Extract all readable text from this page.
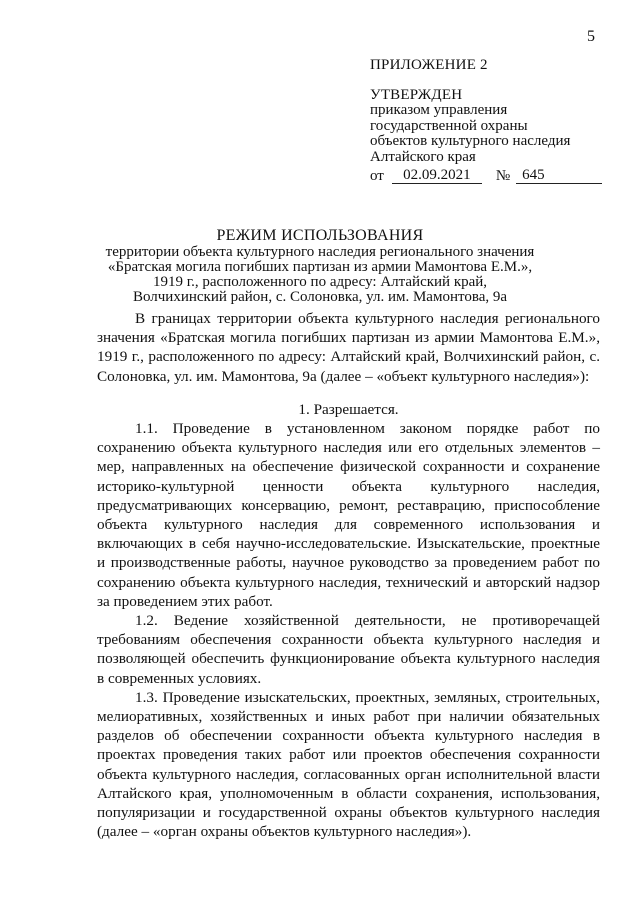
5
ПРИЛОЖЕНИЕ 2
УТВЕРЖДЕН
приказом управления
государственной охраны
объектов культурного наследия
Алтайского края
от	02.09.2021	№ 645
РЕЖИМ ИСПОЛЬЗОВАНИЯ
территории объекта культурного наследия регионального значения
«Братская могила погибших партизан из армии Мамонтова Е.М.»,
1919 г., расположенного по адресу: Алтайский край,
Волчихинский район, с. Солоновка, ул. им. Мамонтова, 9а

В границах территории объекта культурного наследия регионального значения «Братская могила погибших партизан из армии Мамонтова Е.М.», 1919 г., расположенного по адресу: Алтайский край, Волчихинский район, с. Солоновка, ул. им. Мамонтова, 9а (далее – «объект культурного наследия»):

1. Разрешается.

1.1. Проведение в установленном законом порядке работ по сохранению объекта культурного наследия или его отдельных элементов – мер, направленных на обеспечение физической сохранности и сохранение историко-культурной ценности объекта культурного наследия, предусматривающих консервацию, ремонт, реставрацию, приспособление объекта культурного наследия для современного использования и включающих в себя научно-исследовательские. Изыскательские, проектные и производственные работы, научное руководство за проведением работ по сохранению объекта культурного наследия, технический и авторский надзор за проведением этих работ.

1.2. Ведение хозяйственной деятельности, не противоречащей требованиям обеспечения сохранности объекта культурного наследия и позволяющей обеспечить функционирование объекта культурного наследия в современных условиях.

1.3. Проведение изыскательских, проектных, земляных, строительных, мелиоративных, хозяйственных и иных работ при наличии обязательных разделов об обеспечении сохранности объекта культурного наследия в проектах проведения таких работ или проектов обеспечения сохранности объекта культурного наследия, согласованных орган исполнительной власти Алтайского края, уполномоченным в области сохранения, использования, популяризации и государственной охраны объектов культурного наследия (далее – «орган охраны объектов культурного наследия»).
